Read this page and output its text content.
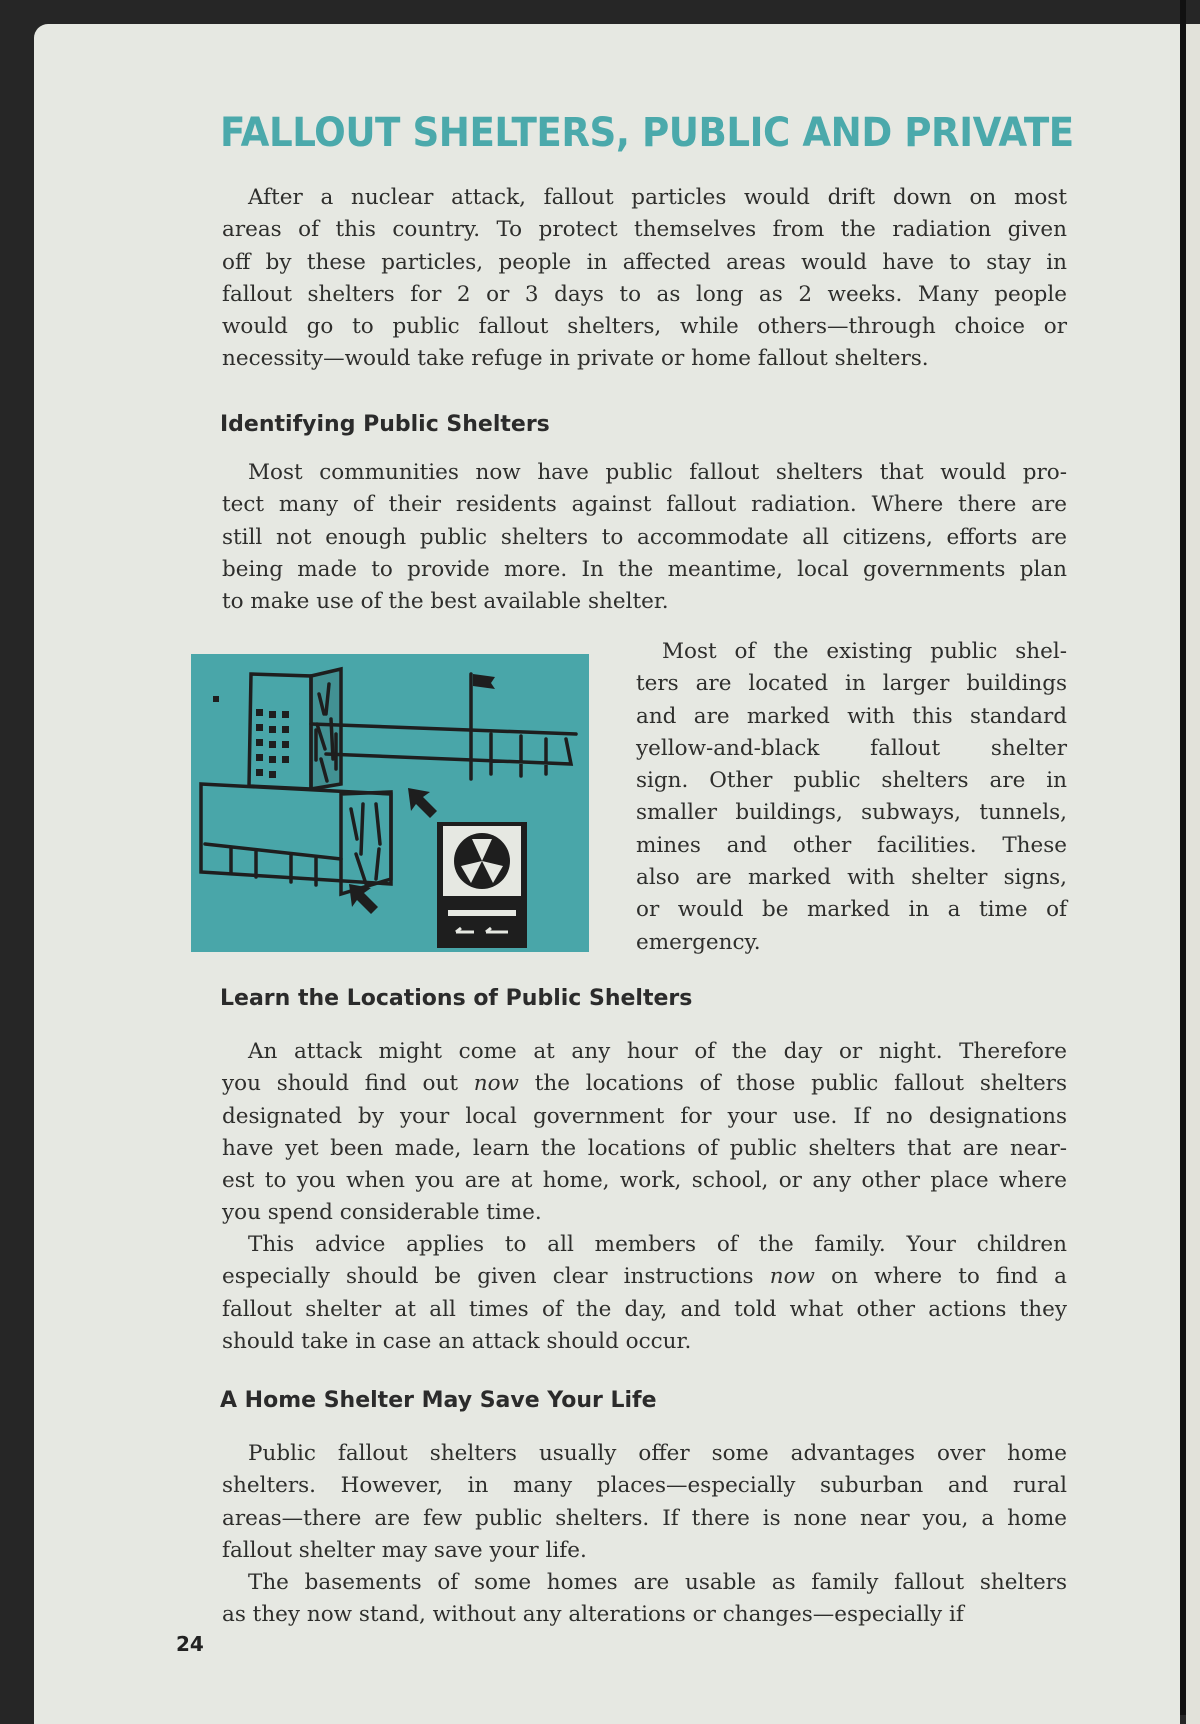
FALLOUT SHELTERS, PUBLIC AND PRIVATE
After a nuclear attack, fallout particles would drift down on most
areas of this country. To protect themselves from the radiation given
off by these particles, people in affected areas would have to stay in
fallout shelters for 2 or 3 days to as long as 2 weeks. Many people
would go to public fallout shelters, while others—through choice or
necessity—would take refuge in private or home fallout shelters.
Identifying Public Shelters
Most communities now have public fallout shelters that would pro-
tect many of their residents against fallout radiation. Where there are
still not enough public shelters to accommodate all citizens, efforts are
being made to provide more. In the meantime, local governments plan
to make use of the best available shelter.
Most of the existing public shel-
ters are located in larger buildings
and are marked with this standard
yellow-and-black fallout shelter
sign. Other public shelters are in
smaller buildings, subways, tunnels,
mines and other facilities. These
also are marked with shelter signs,
or would be marked in a time of
emergency.
Learn the Locations of Public Shelters
An attack might come at any hour of the day or night. Therefore
you should find out now the locations of those public fallout shelters
designated by your local government for your use. If no designations
have yet been made, learn the locations of public shelters that are near-
est to you when you are at home, work, school, or any other place where
you spend considerable time.
This advice applies to all members of the family. Your children
especially should be given clear instructions now on where to find a
fallout shelter at all times of the day, and told what other actions they
should take in case an attack should occur.
A Home Shelter May Save Your Life
Public fallout shelters usually offer some advantages over home
shelters. However, in many places—especially suburban and rural
areas—there are few public shelters. If there is none near you, a home
fallout shelter may save your life.
The basements of some homes are usable as family fallout shelters
as they now stand, without any alterations or changes—especially if
24
